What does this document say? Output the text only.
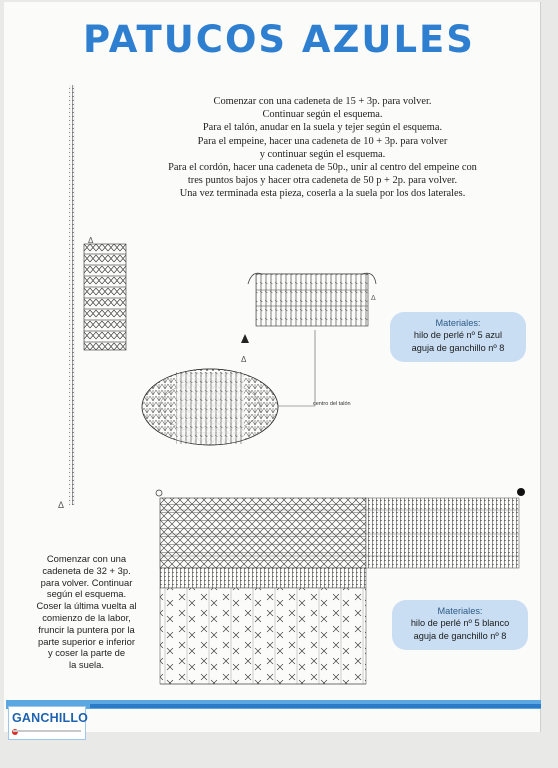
PATUCOS AZULES
Comenzar con una cadeneta de 15 + 3p. para volver.
Continuar según el esquema.
Para el talón, anudar en la suela y tejer según el esquema.
Para el empeine, hacer una cadeneta de 10 + 3p. para volver
y continuar según el esquema.
Para el cordón, hacer una cadeneta de 50p., unir al centro del empeine con
tres puntos bajos y hacer otra cadeneta de 50 p + 2p. para volver.
Una vez terminada esta pieza, coserla a la suela por los dos laterales.
Δ
Δ
Δ
Δ
centro del talón
Materiales:
hilo de perlé nº 5 azul
aguja de ganchillo nº 8
Comenzar con una
cadeneta de 32 + 3p.
para volver. Continuar
según el esquema.
Coser la última vuelta al
comienzo de la labor,
fruncir la puntera por la
parte superior e inferior
y coser la parte de
la suela.
Materiales:
hilo de perlé nº 5 blanco
aguja de ganchillo nº 8
GANCHILLO
